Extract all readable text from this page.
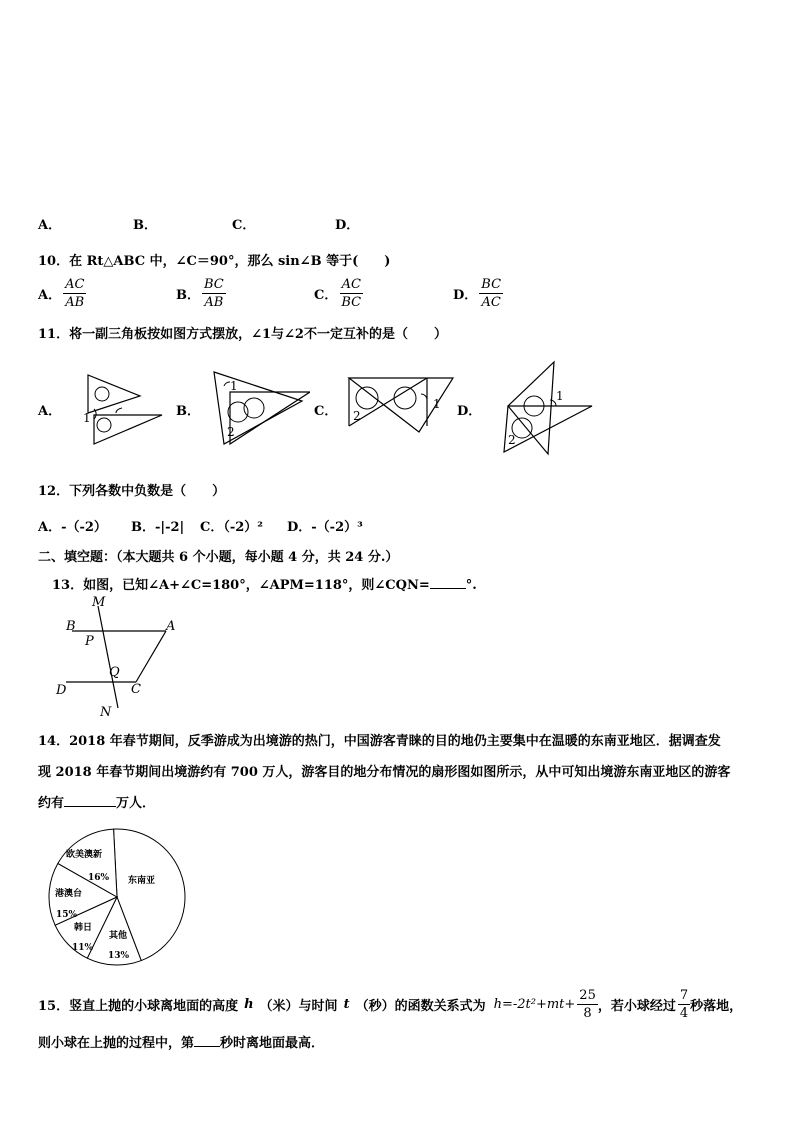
A．	B．	C．	D．
10．在 Rt△ABC 中，∠C＝90°，那么 sin∠B 等于(　　)
A． $\frac{AC}{AB}$	B． $\frac{BC}{AB}$	C． $\frac{AC}{BC}$	D． $\frac{BC}{AC}$
11．将一副三角板按如图方式摆放，∠1与∠2不一定互补的是（　　）
A．	B．	C．	D．
1
1
2
1
2
1
2
12．下列各数中负数是（　　）
A．-（-2） B．-|-2| C．（-2）² D．-（-2）³
二、填空题：（本大题共 6 个小题，每小题 4 分，共 24 分.）
13．如图，已知∠A+∠C=180°，∠APM=118°，则∠CQN=	°.
M
B	A
P
Q
D	C
N
14．2018 年春节期间，反季游成为出境游的热门，中国游客青睐的目的地仍主要集中在温暖的东南亚地区．据调查发
现 2018 年春节期间出境游约有 700 万人，游客目的地分布情况的扇形图如图所示，从中可知出境游东南亚地区的游客
约有	万人．
欧美澳新
16% 东南亚
港澳台
15%
韩日
11%
其他
13%
15．竖直上抛的小球离地面的高度 h （米）与时间 t （秒）的函数关系式为 $h=-2t^2+mt+ \frac{25}{8}$ ，若小球经过 $\frac{7}{4}$ 秒落地，
则小球在上抛的过程中，第 秒时离地面最高．
